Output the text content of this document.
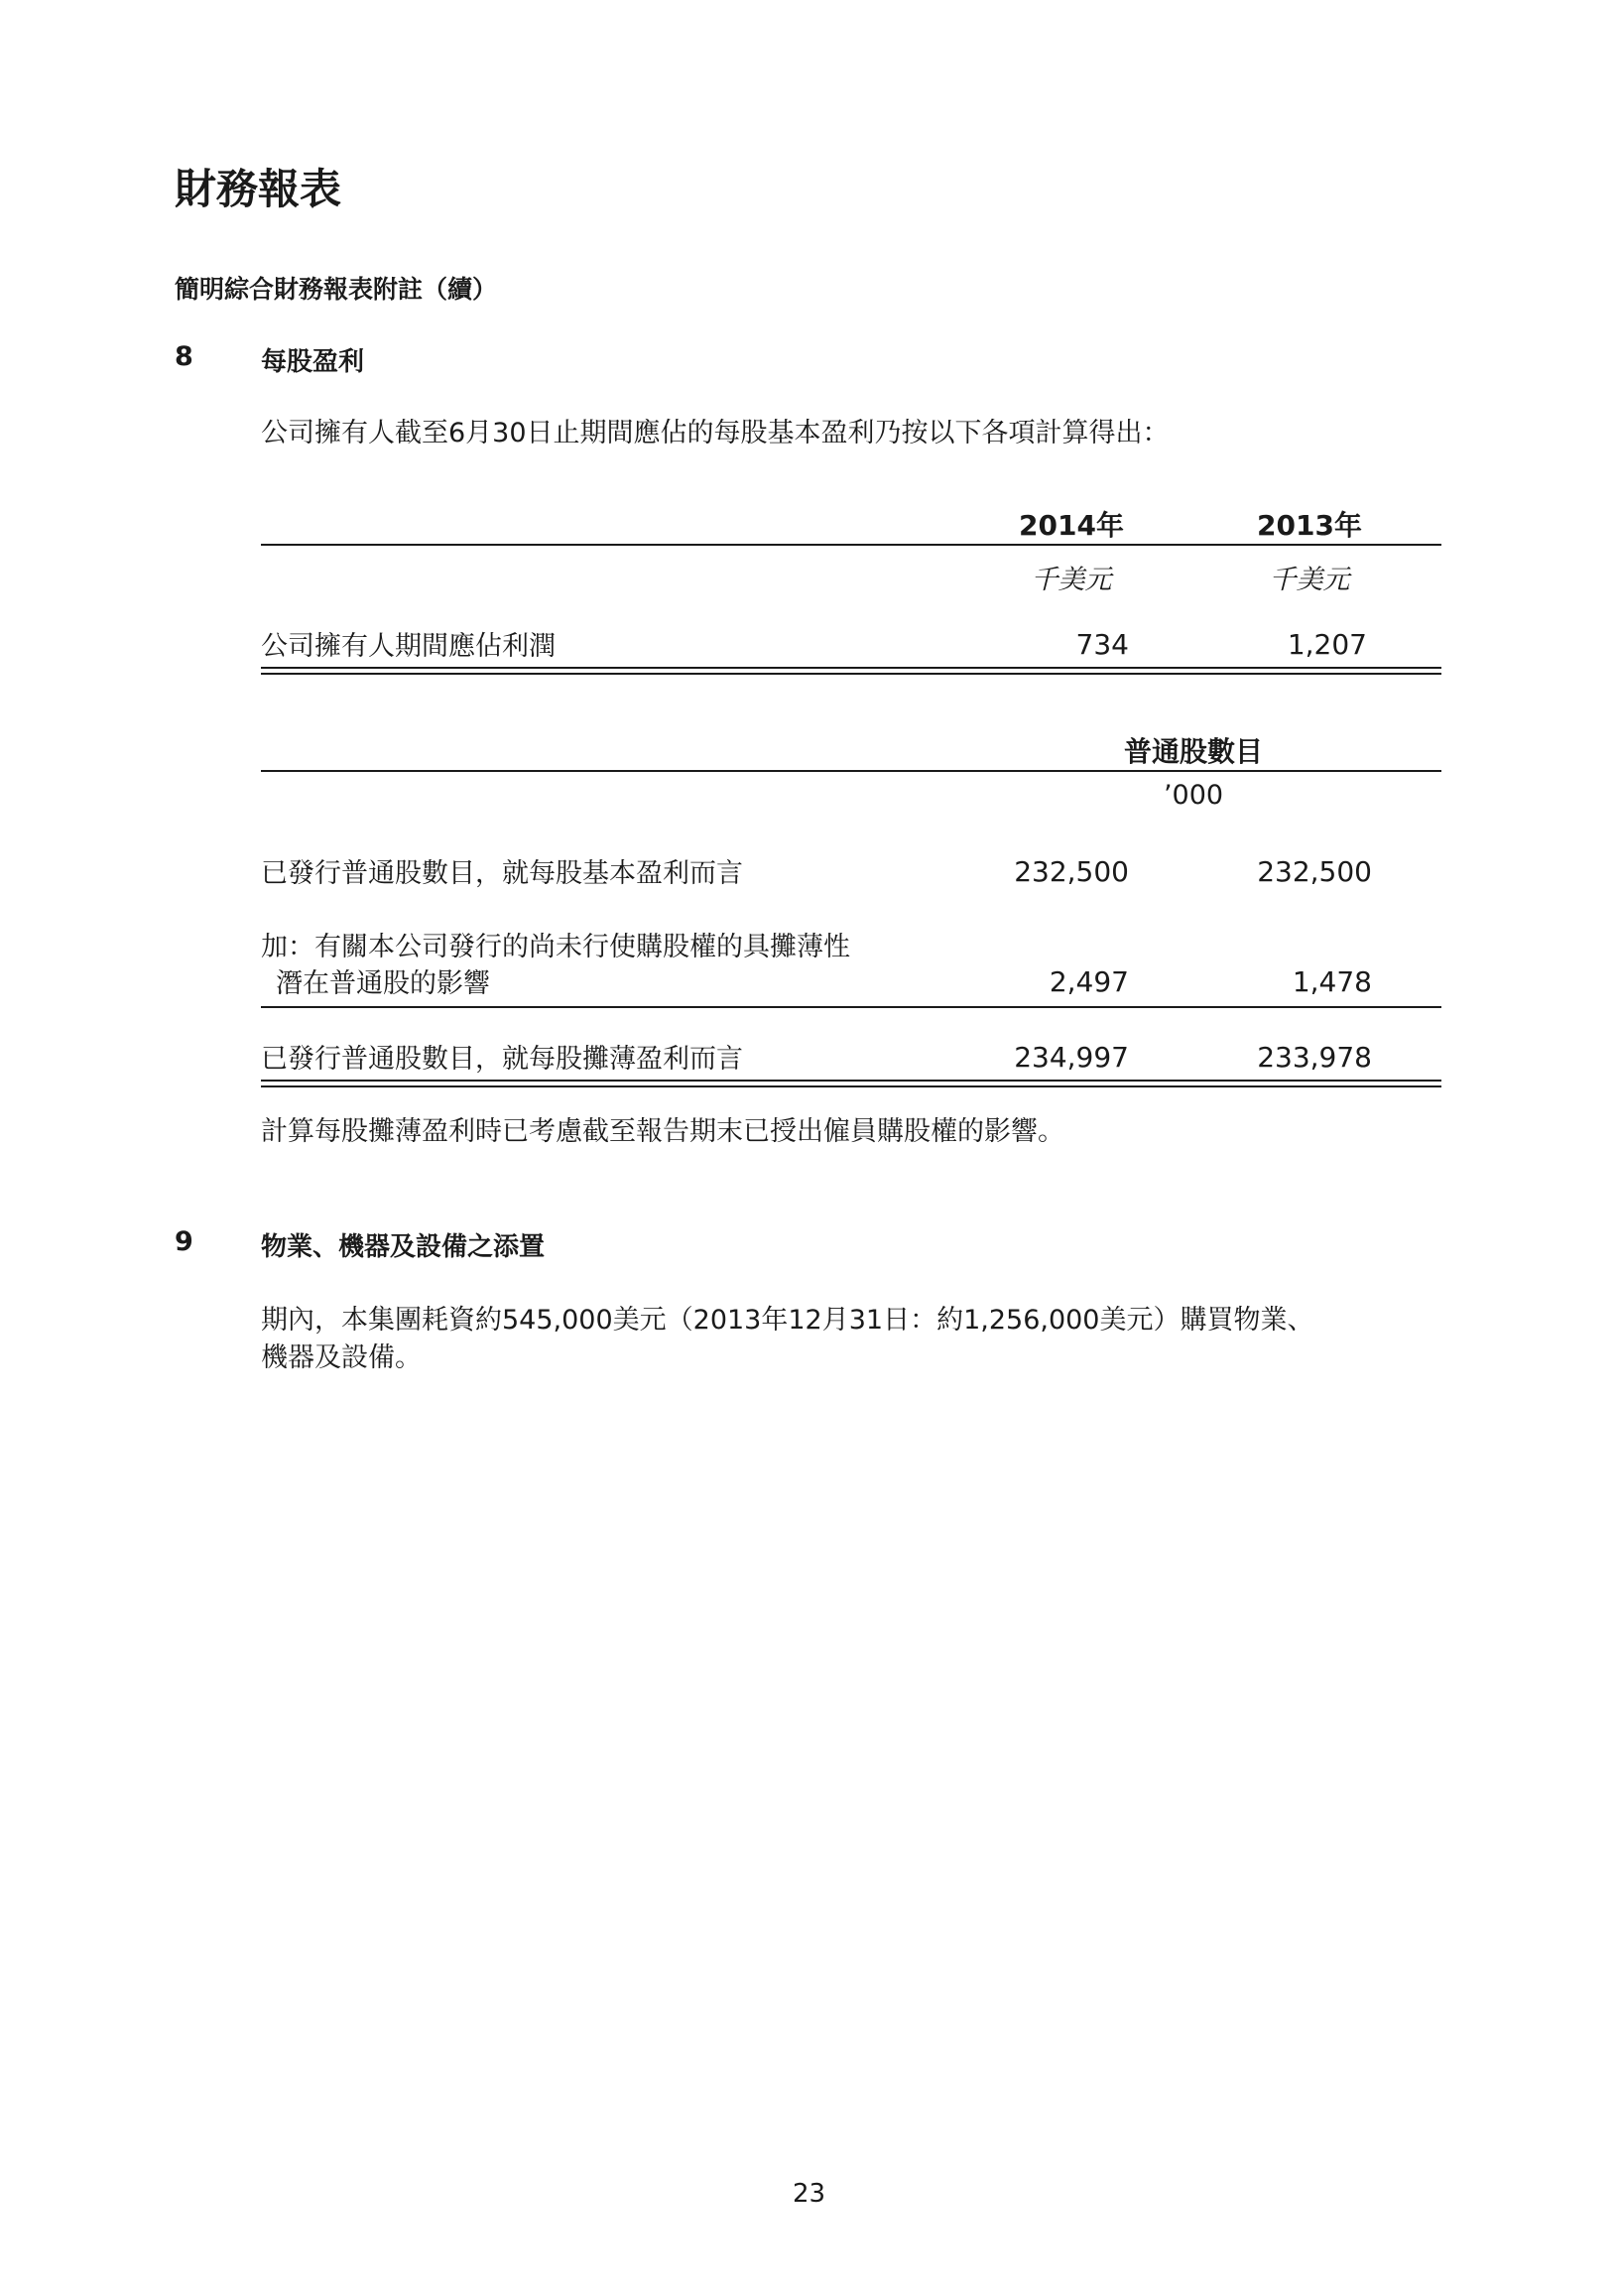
財務報表
簡明綜合財務報表附註（續）
8	每股盈利
公司擁有人截至6月30日止期間應佔的每股基本盈利乃按以下各項計算得出：
2014年	2013年
千美元	千美元
公司擁有人期間應佔利潤	734	1,207
普通股數目
’000
已發行普通股數目，就每股基本盈利而言	232,500	232,500
加：有關本公司發行的尚未行使購股權的具攤薄性
潛在普通股的影響	2,497	1,478
已發行普通股數目，就每股攤薄盈利而言	234,997	233,978
計算每股攤薄盈利時已考慮截至報告期末已授出僱員購股權的影響。
9	物業、機器及設備之添置
期內，本集團耗資約545,000美元（2013年12月31日：約1,256,000美元）購買物業、
機器及設備。
23
